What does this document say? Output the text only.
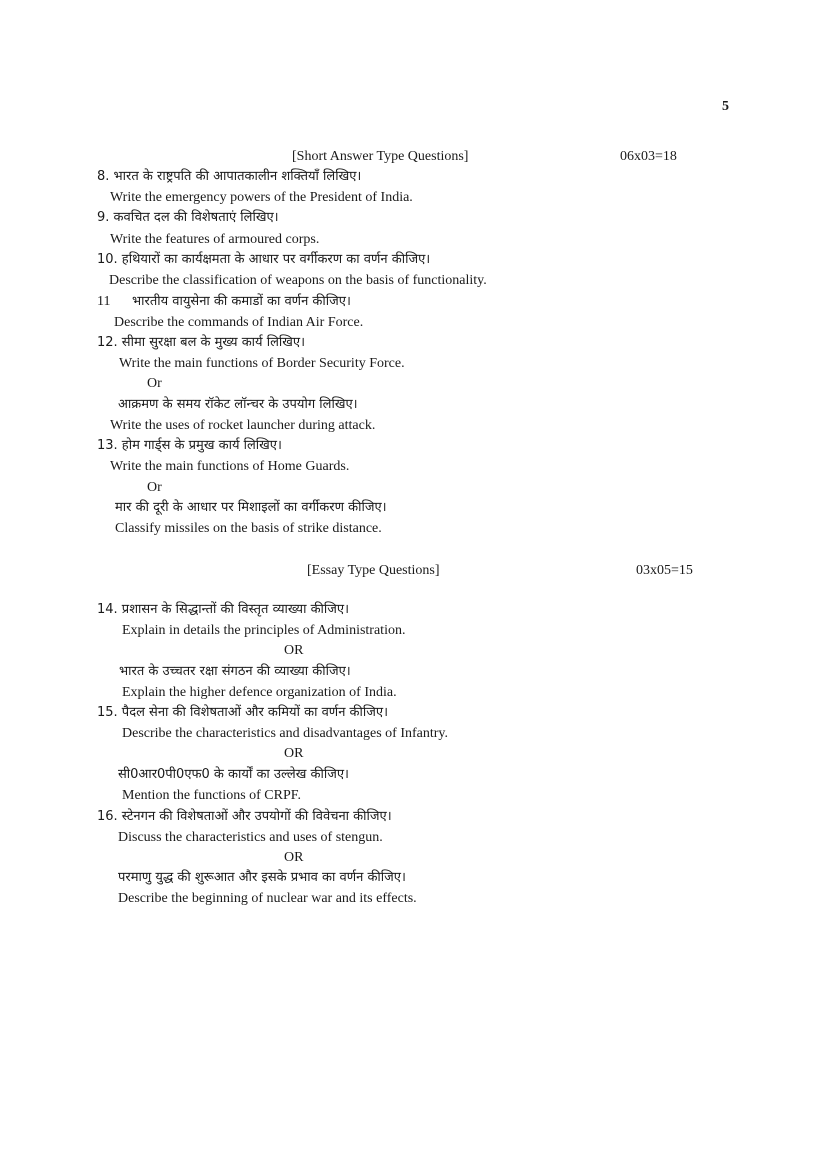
5
[Short Answer Type Questions]	06x03=18
8. भारत के राष्ट्रपति की आपातकालीन शक्तियाँ लिखिए।
Write the emergency powers of the President of India.
9. कवचित दल की विशेषताएं लिखिए।
Write the features of armoured corps.
10. हथियारों का कार्यक्षमता के आधार पर वर्गीकरण का वर्णन कीजिए।
Describe the classification of weapons on the basis of functionality.
11 भारतीय वायुसेना की कमाडों का वर्णन कीजिए।
Describe the commands of Indian Air Force.
12. सीमा सुरक्षा बल के मुख्य कार्य लिखिए।
Write the main functions of Border Security Force.
Or
आक्रमण के समय रॉकेट लॉन्चर के उपयोग लिखिए।
Write the uses of rocket launcher during attack.
13. होम गार्ड्स के प्रमुख कार्य लिखिए।
Write the main functions of Home Guards.
Or
मार की दूरी के आधार पर मिशाइलों का वर्गीकरण कीजिए।
Classify missiles on the basis of strike distance.
[Essay Type Questions]	03x05=15
14. प्रशासन के सिद्धान्तों की विस्तृत व्याख्या कीजिए।
Explain in details the principles of Administration.
OR
भारत के उच्चतर रक्षा संगठन की व्याख्या कीजिए।
Explain the higher defence organization of India.
15. पैदल सेना की विशेषताओं और कमियों का वर्णन कीजिए।
Describe the characteristics and disadvantages of Infantry.
OR
सी0आर0पी0एफ0 के कार्यों का उल्लेख कीजिए।
Mention the functions of CRPF.
16. स्टेनगन की विशेषताओं और उपयोगों की विवेचना कीजिए।
Discuss the characteristics and uses of stengun.
OR
परमाणु युद्ध की शुरूआत और इसके प्रभाव का वर्णन कीजिए।
Describe the beginning of nuclear war and its effects.
